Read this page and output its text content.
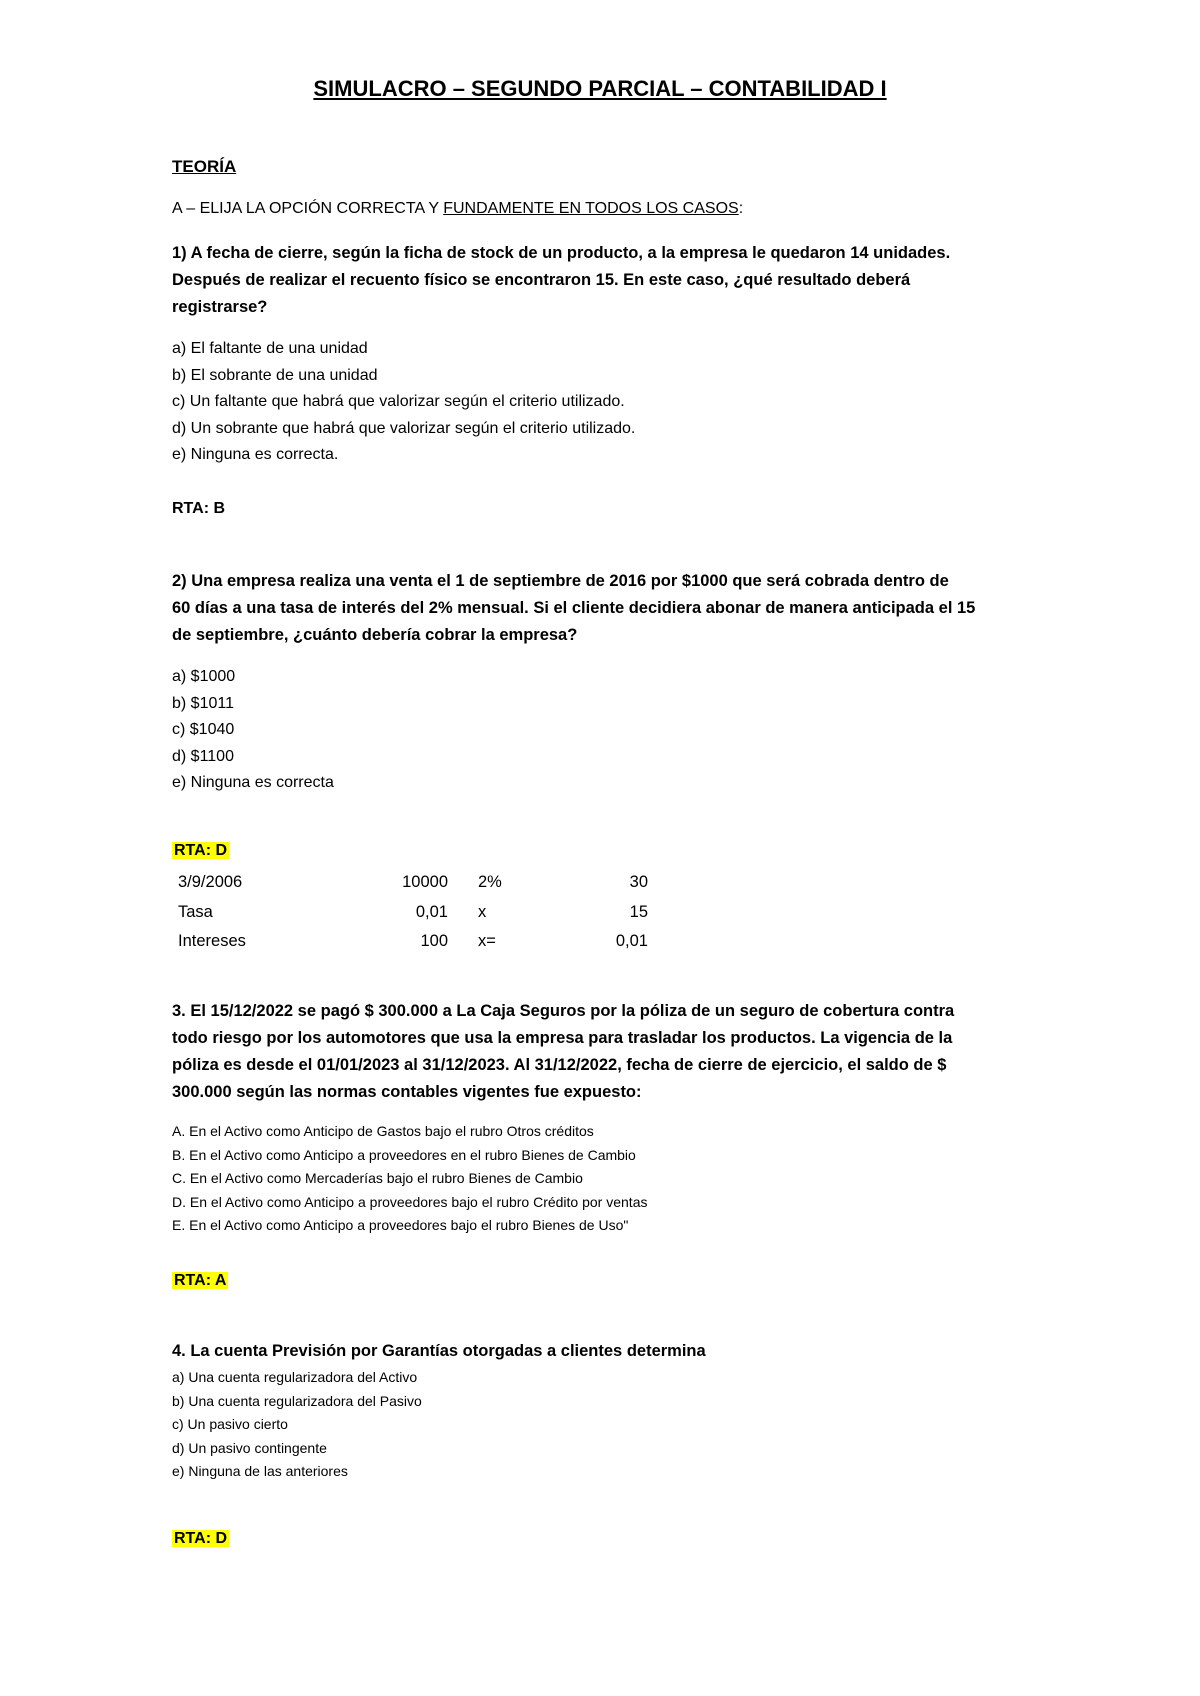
SIMULACRO – SEGUNDO PARCIAL – CONTABILIDAD I
TEORÍA
A – ELIJA LA OPCIÓN CORRECTA Y FUNDAMENTE EN TODOS LOS CASOS:
1) A fecha de cierre, según la ficha de stock de un producto, a la empresa le quedaron 14 unidades.
Después de realizar el recuento físico se encontraron 15. En este caso, ¿qué resultado deberá
registrarse?
a) El faltante de una unidad
b) El sobrante de una unidad
c) Un faltante que habrá que valorizar según el criterio utilizado.
d) Un sobrante que habrá que valorizar según el criterio utilizado.
e) Ninguna es correcta.
RTA: B
2) Una empresa realiza una venta el 1 de septiembre de 2016 por $1000 que será cobrada dentro de
60 días a una tasa de interés del 2% mensual. Si el cliente decidiera abonar de manera anticipada el 15
de septiembre, ¿cuánto debería cobrar la empresa?
a) $1000
b) $1011
c) $1040
d) $1100
e) Ninguna es correcta
RTA: D
3/9/2006	10000	2%	30
Tasa	0,01	x	15
Intereses	100	x=	0,01
3. El 15/12/2022 se pagó $ 300.000 a La Caja Seguros por la póliza de un seguro de cobertura contra
todo riesgo por los automotores que usa la empresa para trasladar los productos. La vigencia de la
póliza es desde el 01/01/2023 al 31/12/2023. Al 31/12/2022, fecha de cierre de ejercicio, el saldo de $
300.000 según las normas contables vigentes fue expuesto:
A. En el Activo como Anticipo de Gastos bajo el rubro Otros créditos
B. En el Activo como Anticipo a proveedores en el rubro Bienes de Cambio
C. En el Activo como Mercaderías bajo el rubro Bienes de Cambio
D. En el Activo como Anticipo a proveedores bajo el rubro Crédito por ventas
E. En el Activo como Anticipo a proveedores bajo el rubro Bienes de Uso"
RTA: A
4. La cuenta Previsión por Garantías otorgadas a clientes determina
a) Una cuenta regularizadora del Activo
b) Una cuenta regularizadora del Pasivo
c) Un pasivo cierto
d) Un pasivo contingente
e) Ninguna de las anteriores
RTA: D
